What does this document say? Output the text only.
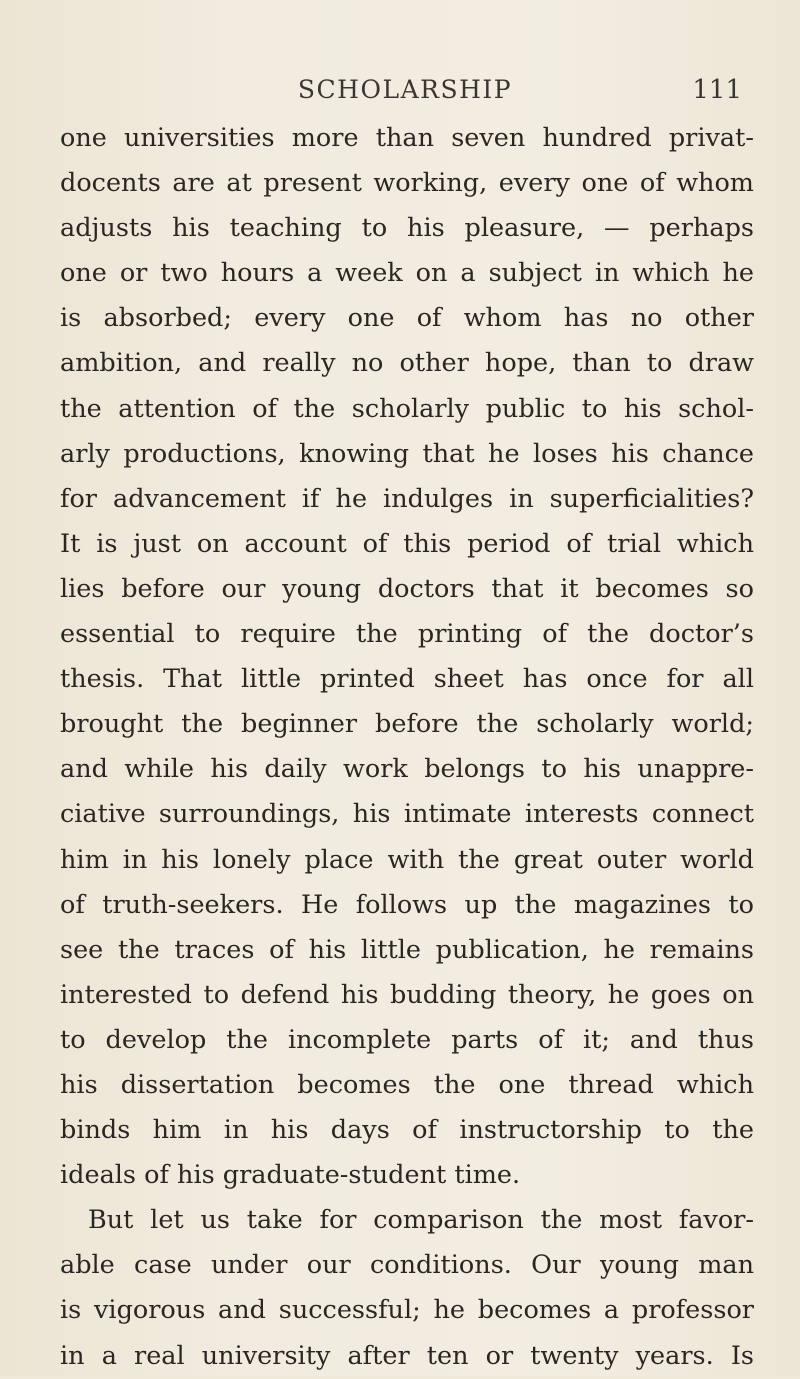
SCHOLARSHIP	111
one universities more than seven hundred privat-
docents are at present working, every one of whom
adjusts his teaching to his pleasure, — perhaps
one or two hours a week on a subject in which he
is absorbed; every one of whom has no other
ambition, and really no other hope, than to draw
the attention of the scholarly public to his schol-
arly productions, knowing that he loses his chance
for advancement if he indulges in superficialities?
It is just on account of this period of trial which
lies before our young doctors that it becomes so
essential to require the printing of the doctor’s
thesis. That little printed sheet has once for all
brought the beginner before the scholarly world;
and while his daily work belongs to his unappre-
ciative surroundings, his intimate interests connect
him in his lonely place with the great outer world
of truth-seekers. He follows up the magazines to
see the traces of his little publication, he remains
interested to defend his budding theory, he goes on
to develop the incomplete parts of it; and thus
his dissertation becomes the one thread which
binds him in his days of instructorship to the
ideals of his graduate-student time.
But let us take for comparison the most favor-
able case under our conditions. Our young man
is vigorous and successful; he becomes a professor
in a real university after ten or twenty years. Is
